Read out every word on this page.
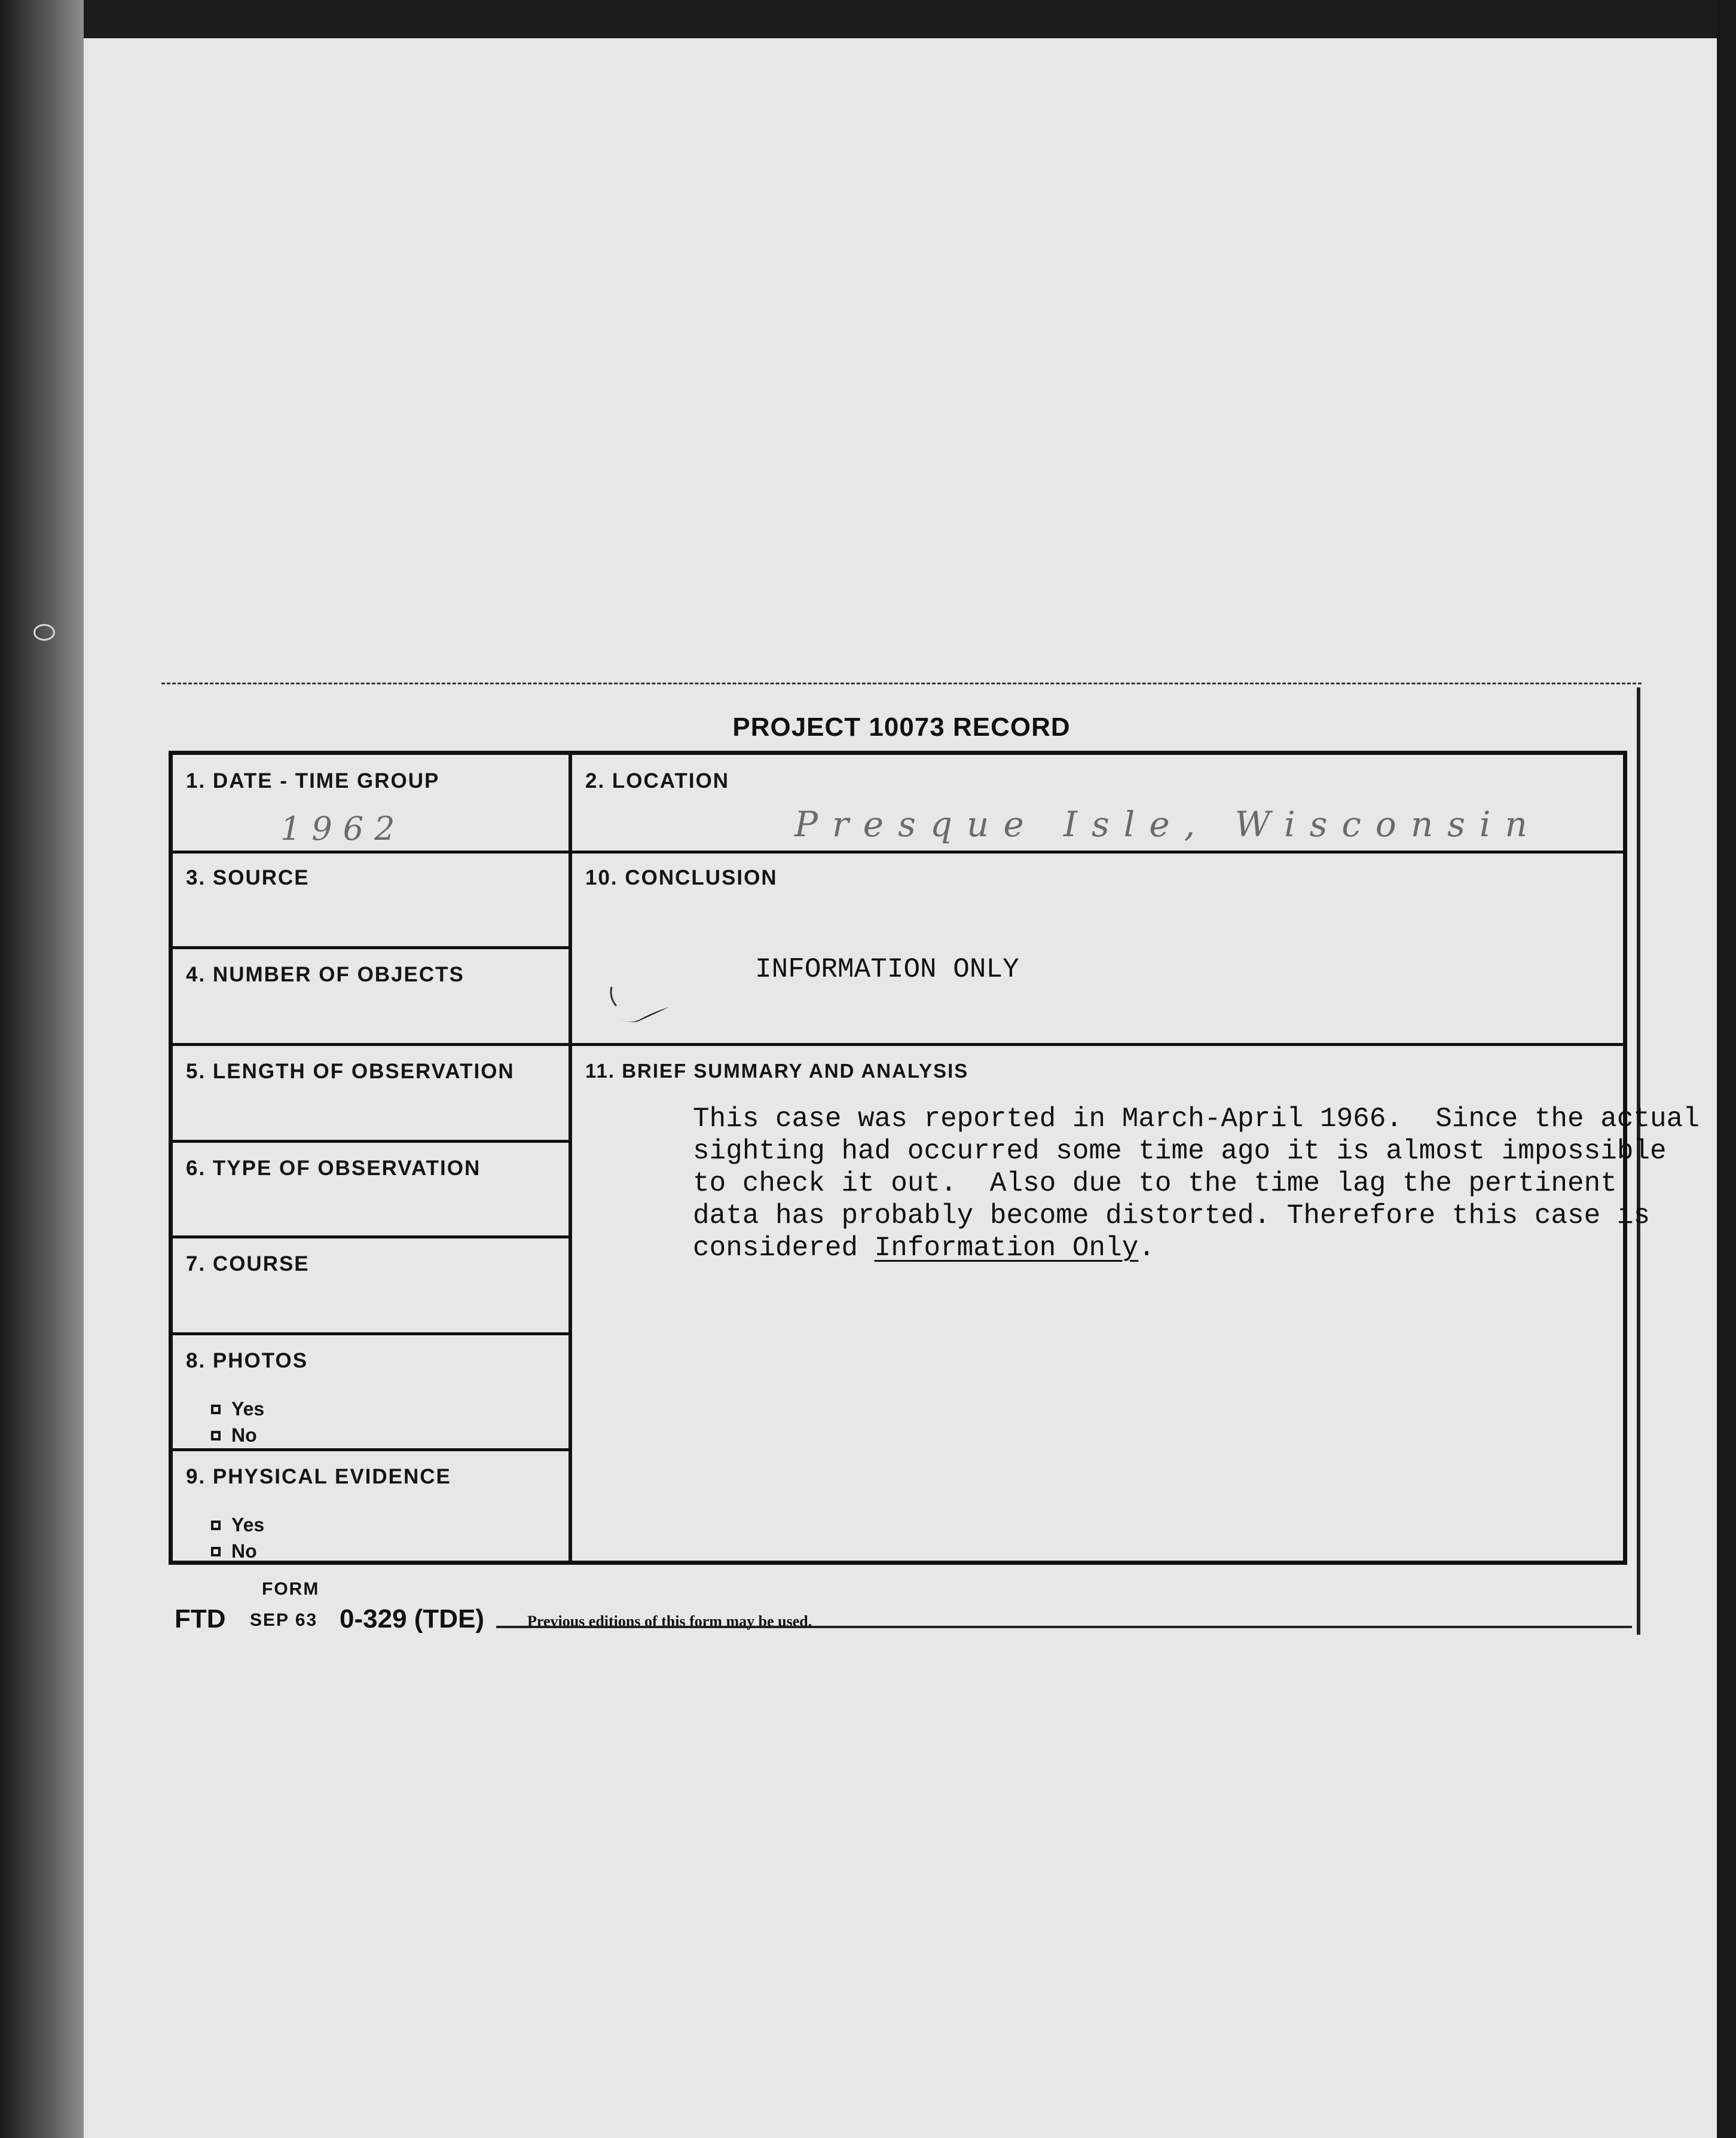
PROJECT 10073 RECORD
1. DATE - TIME GROUP
1962
3. SOURCE
4. NUMBER OF OBJECTS
5. LENGTH OF OBSERVATION
6. TYPE OF OBSERVATION
7. COURSE
8. PHOTOS
Yes
No
9. PHYSICAL EVIDENCE
Yes
No
2. LOCATION
Presque Isle, Wisconsin
10. CONCLUSION
INFORMATION ONLY
11. BRIEF SUMMARY AND ANALYSIS
This case was reported in March-April 1966.  Since the actual
sighting had occurred some time ago it is almost impossible
to check it out.  Also due to the time lag the pertinent
data has probably become distorted. Therefore this case is
considered Information Only.
FORM
FTD SEP 63 0-329 (TDE)	Previous editions of this form may be used.
